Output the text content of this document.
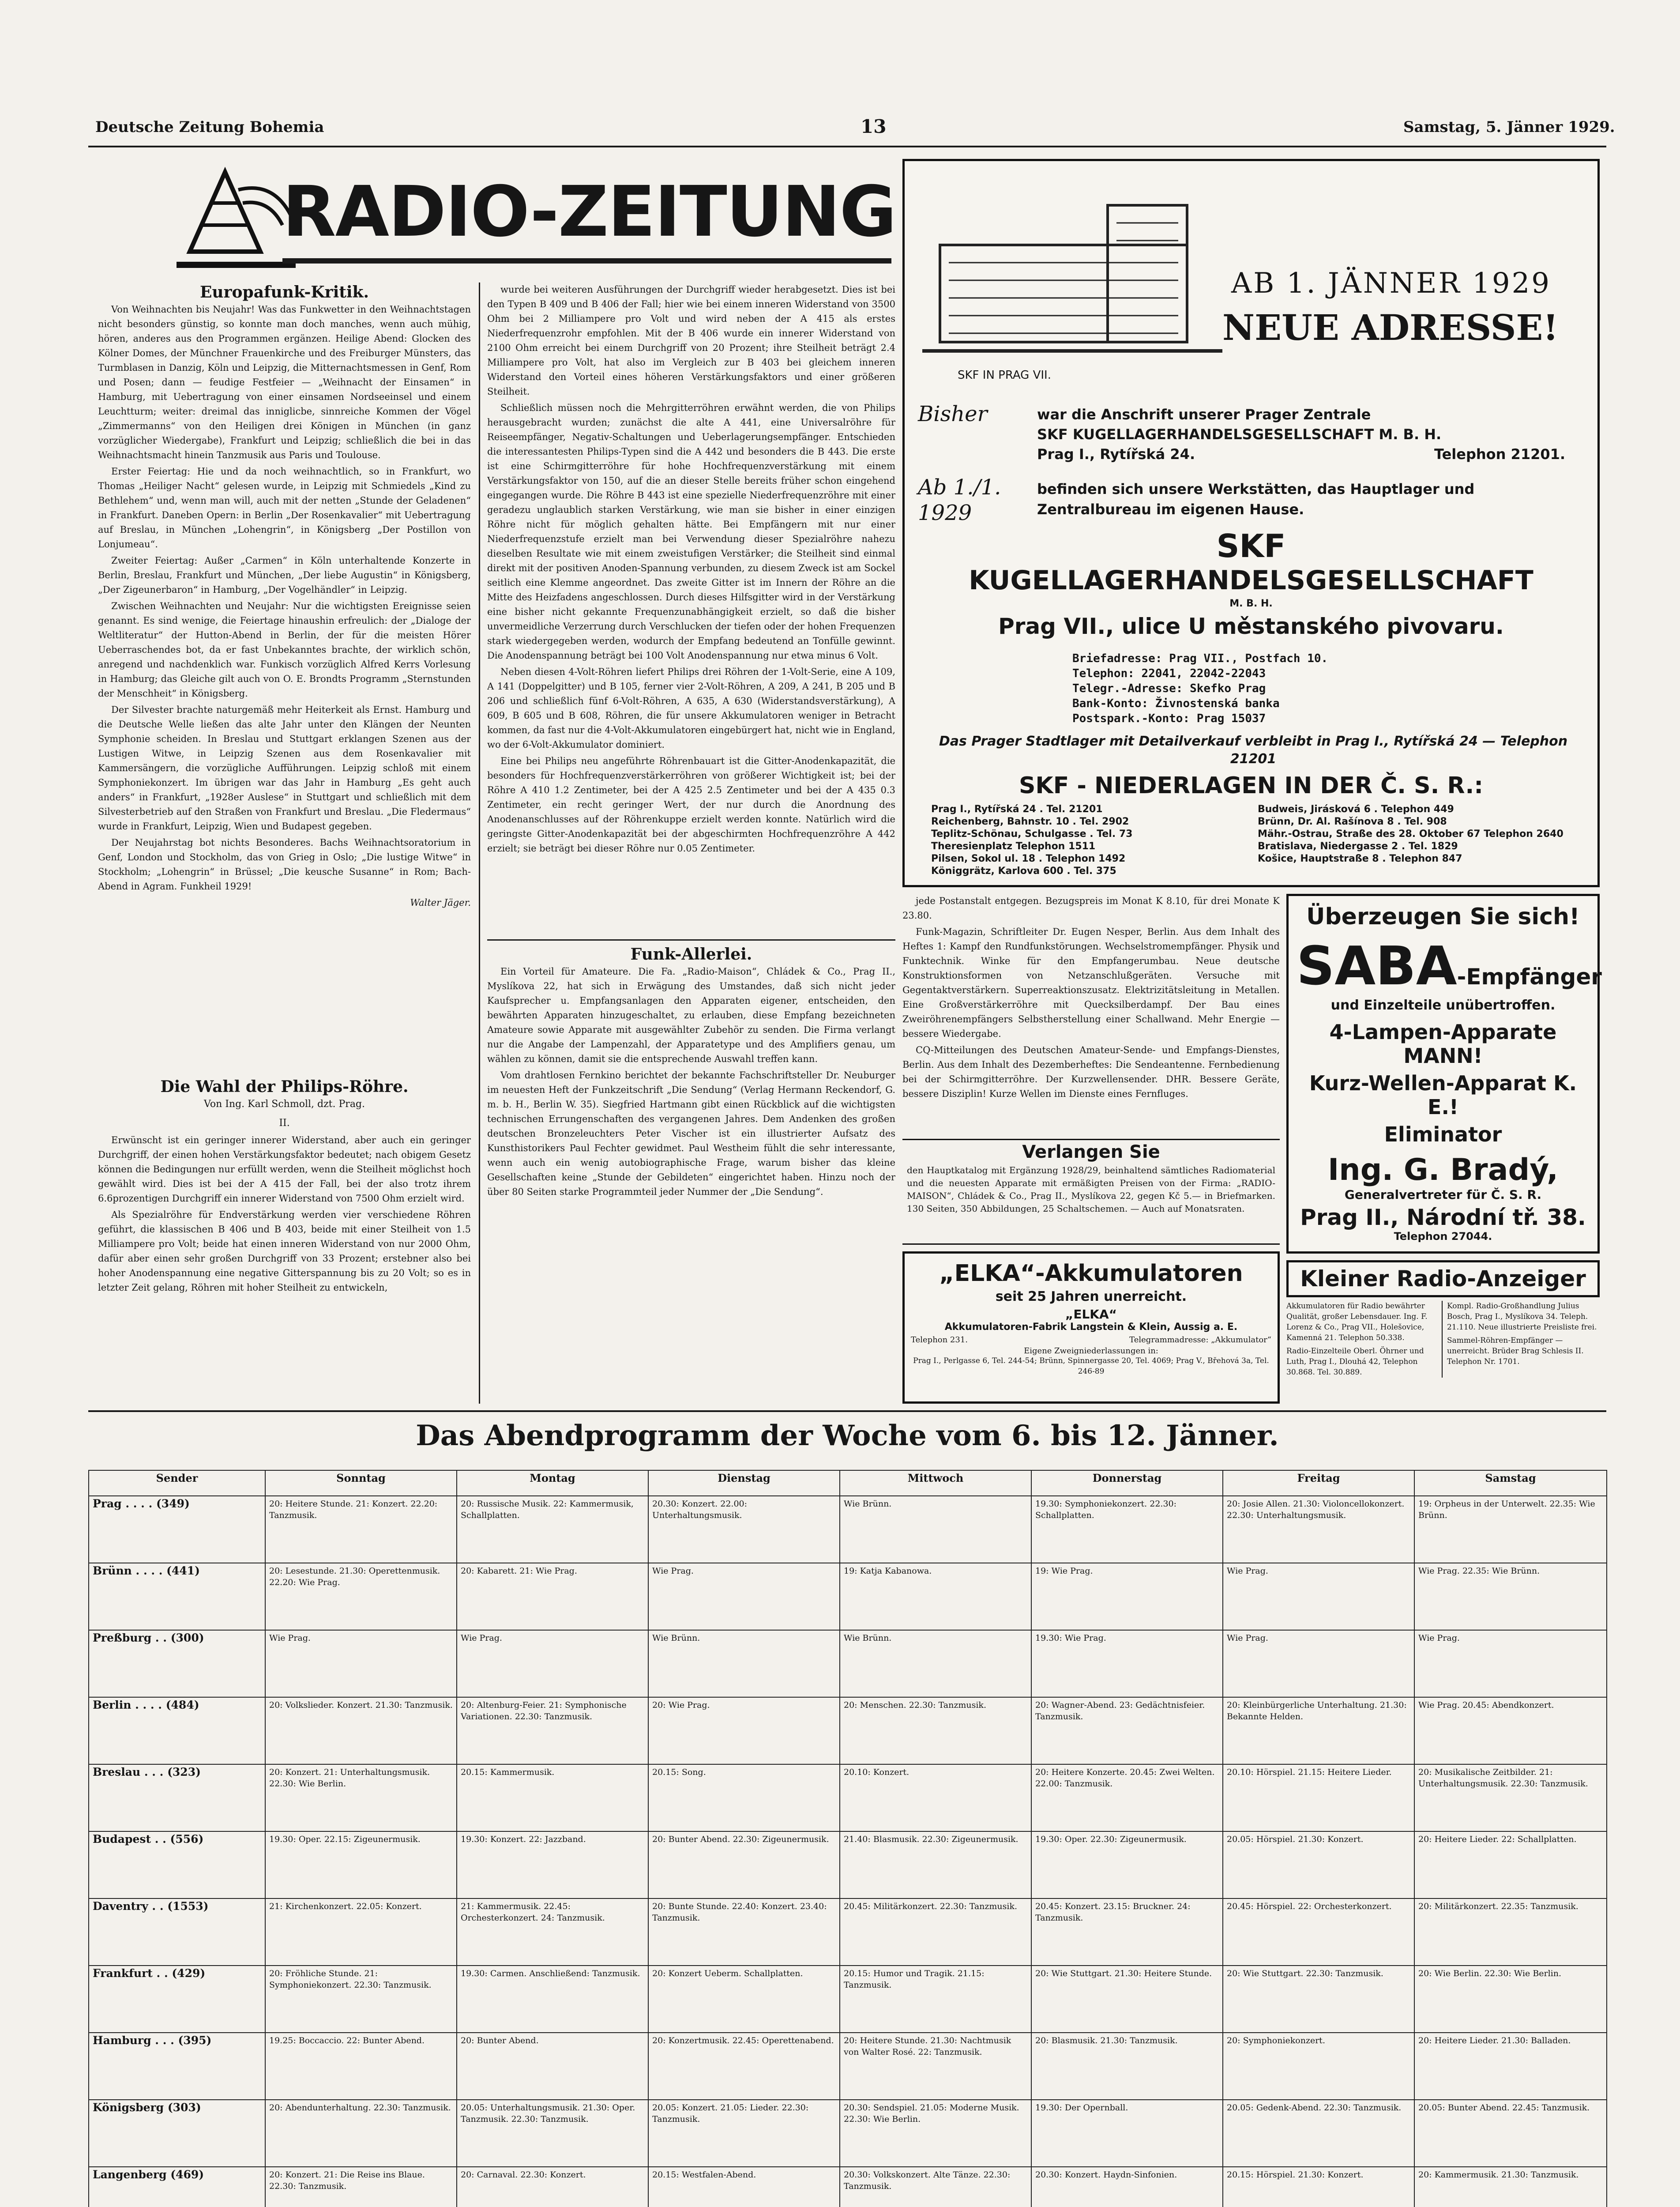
Deutsche Zeitung Bohemia	13	Samstag, 5. Jänner 1929.
RADIO-ZEITUNG
Europafunk-Kritik.

Von Weihnachten bis Neujahr! Was das Funkwetter in den Weihnachtstagen nicht besonders günstig, so konnte man doch manches, wenn auch mühig, hören, anderes aus den Programmen ergänzen. Heilige Abend: Glocken des Kölner Domes, der Münchner Frauenkirche und des Freiburger Münsters, das Turmblasen in Danzig, Köln und Leipzig, die Mitternachtsmessen in Genf, Rom und Posen; dann — feudige Festfeier — „Weihnacht der Einsamen“ in Hamburg, mit Uebertragung von einer einsamen Nordseeinsel und einem Leuchtturm; weiter: dreimal das inniglicbe, sinnreiche Kommen der Vögel „Zimmermanns“ von den Heiligen drei Königen in München (in ganz vorzüglicher Wiedergabe), Frankfurt und Leipzig; schließlich die bei in das Weihnachtsmacht hinein Tanzmusik aus Paris und Toulouse.

Erster Feiertag: Hie und da noch weihnachtlich, so in Frankfurt, wo Thomas „Heiliger Nacht“ gelesen wurde, in Leipzig mit Schmiedels „Kind zu Bethlehem“ und, wenn man will, auch mit der netten „Stunde der Geladenen“ in Frankfurt. Daneben Opern: in Berlin „Der Rosenkavalier“ mit Uebertragung auf Breslau, in München „Lohengrin“, in Königsberg „Der Postillon von Lonjumeau“.

Zweiter Feiertag: Außer „Carmen“ in Köln unterhaltende Konzerte in Berlin, Breslau, Frankfurt und München, „Der liebe Augustin“ in Königsberg, „Der Zigeunerbaron“ in Hamburg, „Der Vogelhändler“ in Leipzig.

Zwischen Weihnachten und Neujahr: Nur die wichtigsten Ereignisse seien genannt. Es sind wenige, die Feiertage hinaushin erfreulich: der „Dialoge der Weltliteratur“ der Hutton-Abend in Berlin, der für die meisten Hörer Ueberraschendes bot, da er fast Unbekanntes brachte, der wirklich schön, anregend und nachdenklich war. Funkisch vorzüglich Alfred Kerrs Vorlesung in Hamburg; das Gleiche gilt auch von O. E. Brondts Programm „Sternstunden der Menschheit“ in Königsberg.

Der Silvester brachte naturgemäß mehr Heiterkeit als Ernst. Hamburg und die Deutsche Welle ließen das alte Jahr unter den Klängen der Neunten Symphonie scheiden. In Breslau und Stuttgart erklangen Szenen aus der Lustigen Witwe, in Leipzig Szenen aus dem Rosenkavalier mit Kammersängern, die vorzügliche Aufführungen. Leipzig schloß mit einem Symphoniekonzert. Im übrigen war das Jahr in Hamburg „Es geht auch anders“ in Frankfurt, „1928er Auslese“ in Stuttgart und schließlich mit dem Silvesterbetrieb auf den Straßen von Frankfurt und Breslau. „Die Fledermaus“ wurde in Frankfurt, Leipzig, Wien und Budapest gegeben.

Der Neujahrstag bot nichts Besonderes. Bachs Weihnachtsoratorium in Genf, London und Stockholm, das von Grieg in Oslo; „Die lustige Witwe“ in Stockholm; „Lohengrin“ in Brüssel; „Die keusche Susanne“ in Rom; Bach-Abend in Agram. Funkheil 1929!

Walter Jäger.
Die Wahl der Philips-Röhre.
Von Ing. Karl Schmoll, dzt. Prag.
II.

Erwünscht ist ein geringer innerer Widerstand, aber auch ein geringer Durchgriff, der einen hohen Verstärkungsfaktor bedeutet; nach obigem Gesetz können die Bedingungen nur erfüllt werden, wenn die Steilheit möglichst hoch gewählt wird. Dies ist bei der A 415 der Fall, bei der also trotz ihrem 6.6prozentigen Durchgriff ein innerer Widerstand von 7500 Ohm erzielt wird.

Als Spezialröhre für Endverstärkung werden vier verschiedene Röhren geführt, die klassischen B 406 und B 403, beide mit einer Steilheit von 1.5 Milliampere pro Volt; beide hat einen inneren Widerstand von nur 2000 Ohm, dafür aber einen sehr großen Durchgriff von 33 Prozent; erstebner also bei hoher Anodenspannung eine negative Gitterspannung bis zu 20 Volt; so es in letzter Zeit gelang, Röhren mit hoher Steilheit zu entwickeln,

wurde bei weiteren Ausführungen der Durchgriff wieder herabgesetzt. Dies ist bei den Typen B 409 und B 406 der Fall; hier wie bei einem inneren Widerstand von 3500 Ohm bei 2 Milliampere pro Volt und wird neben der A 415 als erstes Niederfrequenzrohr empfohlen. Mit der B 406 wurde ein innerer Widerstand von 2100 Ohm erreicht bei einem Durchgriff von 20 Prozent; ihre Steilheit beträgt 2.4 Milliampere pro Volt, hat also im Vergleich zur B 403 bei gleichem inneren Widerstand den Vorteil eines höheren Verstärkungsfaktors und einer größeren Steilheit.

Schließlich müssen noch die Mehrgitterröhren erwähnt werden, die von Philips herausgebracht wurden; zunächst die alte A 441, eine Universalröhre für Reiseempfänger, Negativ-Schaltungen und Ueberlagerungsempfänger. Entschieden die interessantesten Philips-Typen sind die A 442 und besonders die B 443. Die erste ist eine Schirmgitterröhre für hohe Hochfrequenzverstärkung mit einem Verstärkungsfaktor von 150, auf die an dieser Stelle bereits früher schon eingehend eingegangen wurde. Die Röhre B 443 ist eine spezielle Niederfrequenzröhre mit einer geradezu unglaublich starken Verstärkung, wie man sie bisher in einer einzigen Röhre nicht für möglich gehalten hätte. Bei Empfängern mit nur einer Niederfrequenzstufe erzielt man bei Verwendung dieser Spezialröhre nahezu dieselben Resultate wie mit einem zweistufigen Verstärker; die Steilheit sind einmal direkt mit der positiven Anoden-Spannung verbunden, zu diesem Zweck ist am Sockel seitlich eine Klemme angeordnet. Das zweite Gitter ist im Innern der Röhre an die Mitte des Heizfadens angeschlossen. Durch dieses Hilfsgitter wird in der Verstärkung eine bisher nicht gekannte Frequenzunabhängigkeit erzielt, so daß die bisher unvermeidliche Verzerrung durch Verschlucken der tiefen oder der hohen Frequenzen stark wiedergegeben werden, wodurch der Empfang bedeutend an Tonfülle gewinnt. Die Anodenspannung beträgt bei 100 Volt Anodenspannung nur etwa minus 6 Volt.

Neben diesen 4-Volt-Röhren liefert Philips drei Röhren der 1-Volt-Serie, eine A 109, A 141 (Doppelgitter) und B 105, ferner vier 2-Volt-Röhren, A 209, A 241, B 205 und B 206 und schließlich fünf 6-Volt-Röhren, A 635, A 630 (Widerstandsverstärkung), A 609, B 605 und B 608, Röhren, die für unsere Akkumulatoren weniger in Betracht kommen, da fast nur die 4-Volt-Akkumulatoren eingebürgert hat, nicht wie in England, wo der 6-Volt-Akkumulator dominiert.

Eine bei Philips neu angeführte Röhrenbauart ist die Gitter-Anodenkapazität, die besonders für Hochfrequenzverstärkerröhren von größerer Wichtigkeit ist; bei der Röhre A 410 1.2 Zentimeter, bei der A 425 2.5 Zentimeter und bei der A 435 0.3 Zentimeter, ein recht geringer Wert, der nur durch die Anordnung des Anodenanschlusses auf der Röhrenkuppe erzielt werden konnte. Natürlich wird die geringste Gitter-Anodenkapazität bei der abgeschirmten Hochfrequenzröhre A 442 erzielt; sie beträgt bei dieser Röhre nur 0.05 Zentimeter.

Funk-Allerlei.

Ein Vorteil für Amateure. Die Fa. „Radio-Maison“, Chládek & Co., Prag II., Myslíkova 22, hat sich in Erwägung des Umstandes, daß sich nicht jeder Kaufsprecher u. Empfangsanlagen den Apparaten eigener, entscheiden, den bewährten Apparaten hinzugeschaltet, zu erlauben, diese Empfang bezeichneten Amateure sowie Apparate mit ausgewählter Zubehör zu senden. Die Firma verlangt nur die Angabe der Lampenzahl, der Apparatetype und des Amplifiers genau, um wählen zu können, damit sie die entsprechende Auswahl treffen kann.

Vom drahtlosen Fernkino berichtet der bekannte Fachschriftsteller Dr. Neuburger im neuesten Heft der Funkzeitschrift „Die Sendung“ (Verlag Hermann Reckendorf, G. m. b. H., Berlin W. 35). Siegfried Hartmann gibt einen Rückblick auf die wichtigsten technischen Errungenschaften des vergangenen Jahres. Dem Andenken des großen deutschen Bronzeleuchters Peter Vischer ist ein illustrierter Aufsatz des Kunsthistorikers Paul Fechter gewidmet. Paul Westheim fühlt die sehr interessante, wenn auch ein wenig autobiographische Frage, warum bisher das kleine Gesellschaften keine „Stunde der Gebildeten“ eingerichtet haben. Hinzu noch der über 80 Seiten starke Programmteil jeder Nummer der „Die Sendung“.

jede Postanstalt entgegen. Bezugspreis im Monat K 8.10, für drei Monate K 23.80.

Funk-Magazin, Schriftleiter Dr. Eugen Nesper, Berlin. Aus dem Inhalt des Heftes 1: Kampf den Rundfunkstörungen. Wechselstromempfänger. Physik und Funktechnik. Winke für den Empfangerumbau. Neue deutsche Konstruktionsformen von Netzanschlußgeräten. Versuche mit Gegentaktverstärkern. Superreaktionszusatz. Elektrizitätsleitung in Metallen. Eine Großverstärkerröhre mit Quecksilberdampf. Der Bau eines Zweiröhrenempfängers Selbstherstellung einer Schallwand. Mehr Energie — bessere Wiedergabe.

CQ-Mitteilungen des Deutschen Amateur-Sende- und Empfangs-Dienstes, Berlin. Aus dem Inhalt des Dezemberheftes: Die Sendeantenne. Fernbedienung bei der Schirmgitterröhre. Der Kurzwellensender. DHR. Bessere Geräte, bessere Disziplin! Kurze Wellen im Dienste eines Fernfluges.

Verlangen Sie
den Hauptkatalog mit Ergänzung 1928/29, beinhaltend sämtliches Radiomaterial und die neuesten Apparate mit ermäßigten Preisen von der Firma: „RADIO-MAISON“, Chládek & Co., Prag II., Myslíkova 22, gegen Kč 5.— in Briefmarken. 130 Seiten, 350 Abbildungen, 25 Schaltschemen. — Auch auf Monatsraten.
„ELKA“-Akkumulatoren
seit 25 Jahren unerreicht.
„ELKA“
Akkumulatoren-Fabrik Langstein & Klein, Aussig a. E.
Telephon 231.	Telegrammadresse: „Akkumulator“
Eigene Zweigniederlassungen in:
Prag I., Perlgasse 6, Tel. 244-54; Brünn, Spinnergasse 20, Tel. 4069; Prag V., Břehová 3a, Tel. 246-89
SKF IN PRAG VII.
AB 1. JÄNNER 1929
NEUE ADRESSE!
Bisher	war die Anschrift unserer Prager Zentrale
SKF KUGELLAGERHANDELSGESELLSCHAFT M. B. H.
Prag I., Rytířská 24.	Telephon 21201.
Ab 1./1. 1929
befinden sich unsere Werkstätten, das Hauptlager und Zentralbureau im eigenen Hause.
SKF
KUGELLAGERHANDELSGESELLSCHAFT
M. B. H.
Prag VII., ulice U městanského pivovaru.
Briefadresse: Prag VII., Postfach 10.
Telephon: 22041, 22042-22043
Telegr.-Adresse: Skefko Prag
Bank-Konto: Živnostenská banka
Postspark.-Konto: Prag 15037
Das Prager Stadtlager mit Detailverkauf verbleibt in Prag I., Rytířská 24 — Telephon 21201
SKF - NIEDERLAGEN IN DER Č. S. R.:
Prag I., Rytířská 24 . Tel. 21201
Reichenberg, Bahnstr. 10 . Tel. 2902
Teplitz-Schönau, Schulgasse . Tel. 73
Theresienplatz Telephon 1511
Pilsen, Sokol ul. 18 . Telephon 1492
Königgrätz, Karlova 600 . Tel. 375
Budweis, Jirásková 6 . Telephon 449
Brünn, Dr. Al. Rašínova 8 . Tel. 908
Mähr.-Ostrau, Straße des 28. Oktober 67 Telephon 2640
Bratislava, Niedergasse 2 . Tel. 1829
Košice, Hauptstraße 8 . Telephon 847
Überzeugen Sie sich!
SABA-Empfänger
und Einzelteile unübertroffen.
4-Lampen-Apparate MANN!
Kurz-Wellen-Apparat K. E.!
Eliminator
Ing. G. Bradý,
Generalvertreter für Č. S. R.
Prag II., Národní tř. 38.
Telephon 27044.
Kleiner Radio-Anzeiger
Akkumulatoren für Radio bewährter Qualität, großer Lebensdauer. Ing. F. Lorenz & Co., Prag VII., Holešovice, Kamenná 21. Telephon 50.338.
Radio-Einzelteile Oberl. Öhrner und Luth, Prag I., Dlouhá 42, Telephon 30.868. Tel. 30.889.
Kompl. Radio-Großhandlung Julius Bosch, Prag I., Myslíkova 34. Teleph. 21.110. Neue illustrierte Preisliste frei.
Sammel-Röhren-Empfänger — unerreicht. Brüder Brag Schlesis II. Telephon Nr. 1701.
Das Abendprogramm der Woche vom 6. bis 12. Jänner.
Sender	Sonntag	Montag	Dienstag	Mittwoch	Donnerstag	Freitag	Samstag
Prag . . . . (349)	20: Heitere Stunde. 21: Konzert. 22.20: Tanzmusik.	20: Russische Musik. 22: Kammermusik, Schallplatten.	20.30: Konzert. 22.00: Unterhaltungsmusik.	Wie Brünn.	19.30: Symphoniekonzert. 22.30: Schallplatten.	20: Josie Allen. 21.30: Violoncellokonzert. 22.30: Unterhaltungsmusik.	19: Orpheus in der Unterwelt. 22.35: Wie Brünn.
Brünn . . . . (441)	20: Lesestunde. 21.30: Operettenmusik. 22.20: Wie Prag.	20: Kabarett. 21: Wie Prag.	Wie Prag.	19: Katja Kabanowa.	19: Wie Prag.	Wie Prag.	Wie Prag. 22.35: Wie Brünn.
Preßburg . . (300)	Wie Prag.	Wie Prag.	Wie Brünn.	Wie Brünn.	19.30: Wie Prag.	Wie Prag.	Wie Prag.
Berlin . . . . (484)	20: Volkslieder. Konzert. 21.30: Tanzmusik.	20: Altenburg-Feier. 21: Symphonische Variationen. 22.30: Tanzmusik.	20: Wie Prag.	20: Menschen. 22.30: Tanzmusik.	20: Wagner-Abend. 23: Gedächtnisfeier. Tanzmusik.	20: Kleinbürgerliche Unterhaltung. 21.30: Bekannte Helden.	Wie Prag. 20.45: Abendkonzert.
Breslau . . . (323)	20: Konzert. 21: Unterhaltungsmusik. 22.30: Wie Berlin.	20.15: Kammermusik.	20.15: Song.	20.10: Konzert.	20: Heitere Konzerte. 20.45: Zwei Welten. 22.00: Tanzmusik.	20.10: Hörspiel. 21.15: Heitere Lieder.	20: Musikalische Zeitbilder. 21: Unterhaltungsmusik. 22.30: Tanzmusik.
Budapest . . (556)	19.30: Oper. 22.15: Zigeunermusik.	19.30: Konzert. 22: Jazzband.	20: Bunter Abend. 22.30: Zigeunermusik.	21.40: Blasmusik. 22.30: Zigeunermusik.	19.30: Oper. 22.30: Zigeunermusik.	20.05: Hörspiel. 21.30: Konzert.	20: Heitere Lieder. 22: Schallplatten.
Daventry . . (1553)	21: Kirchenkonzert. 22.05: Konzert.	21: Kammermusik. 22.45: Orchesterkonzert. 24: Tanzmusik.	20: Bunte Stunde. 22.40: Konzert. 23.40: Tanzmusik.	20.45: Militärkonzert. 22.30: Tanzmusik.	20.45: Konzert. 23.15: Bruckner. 24: Tanzmusik.	20.45: Hörspiel. 22: Orchesterkonzert.	20: Militärkonzert. 22.35: Tanzmusik.
Frankfurt . . (429)	20: Fröhliche Stunde. 21: Symphoniekonzert. 22.30: Tanzmusik.	19.30: Carmen. Anschließend: Tanzmusik.	20: Konzert Ueberm. Schallplatten.	20.15: Humor und Tragik. 21.15: Tanzmusik.	20: Wie Stuttgart. 21.30: Heitere Stunde.	20: Wie Stuttgart. 22.30: Tanzmusik.	20: Wie Berlin. 22.30: Wie Berlin.
Hamburg . . . (395)	19.25: Boccaccio. 22: Bunter Abend.	20: Bunter Abend.	20: Konzertmusik. 22.45: Operettenabend.	20: Heitere Stunde. 21.30: Nachtmusik von Walter Rosé. 22: Tanzmusik.	20: Blasmusik. 21.30: Tanzmusik.	20: Symphoniekonzert.	20: Heitere Lieder. 21.30: Balladen.
Königsberg (303)	20: Abendunterhaltung. 22.30: Tanzmusik.	20.05: Unterhaltungsmusik. 21.30: Oper. Tanzmusik. 22.30: Tanzmusik.	20.05: Konzert. 21.05: Lieder. 22.30: Tanzmusik.	20.30: Sendspiel. 21.05: Moderne Musik. 22.30: Wie Berlin.	19.30: Der Opernball.	20.05: Gedenk-Abend. 22.30: Tanzmusik.	20.05: Bunter Abend. 22.45: Tanzmusik.
Langenberg (469)	20: Konzert. 21: Die Reise ins Blaue. 22.30: Tanzmusik.	20: Carnaval. 22.30: Konzert.	20.15: Westfalen-Abend.	20.30: Volkskonzert. Alte Tänze. 22.30: Tanzmusik.	20.30: Konzert. Haydn-Sinfonien.	20.15: Hörspiel. 21.30: Konzert.	20: Kammermusik. 21.30: Tanzmusik.
